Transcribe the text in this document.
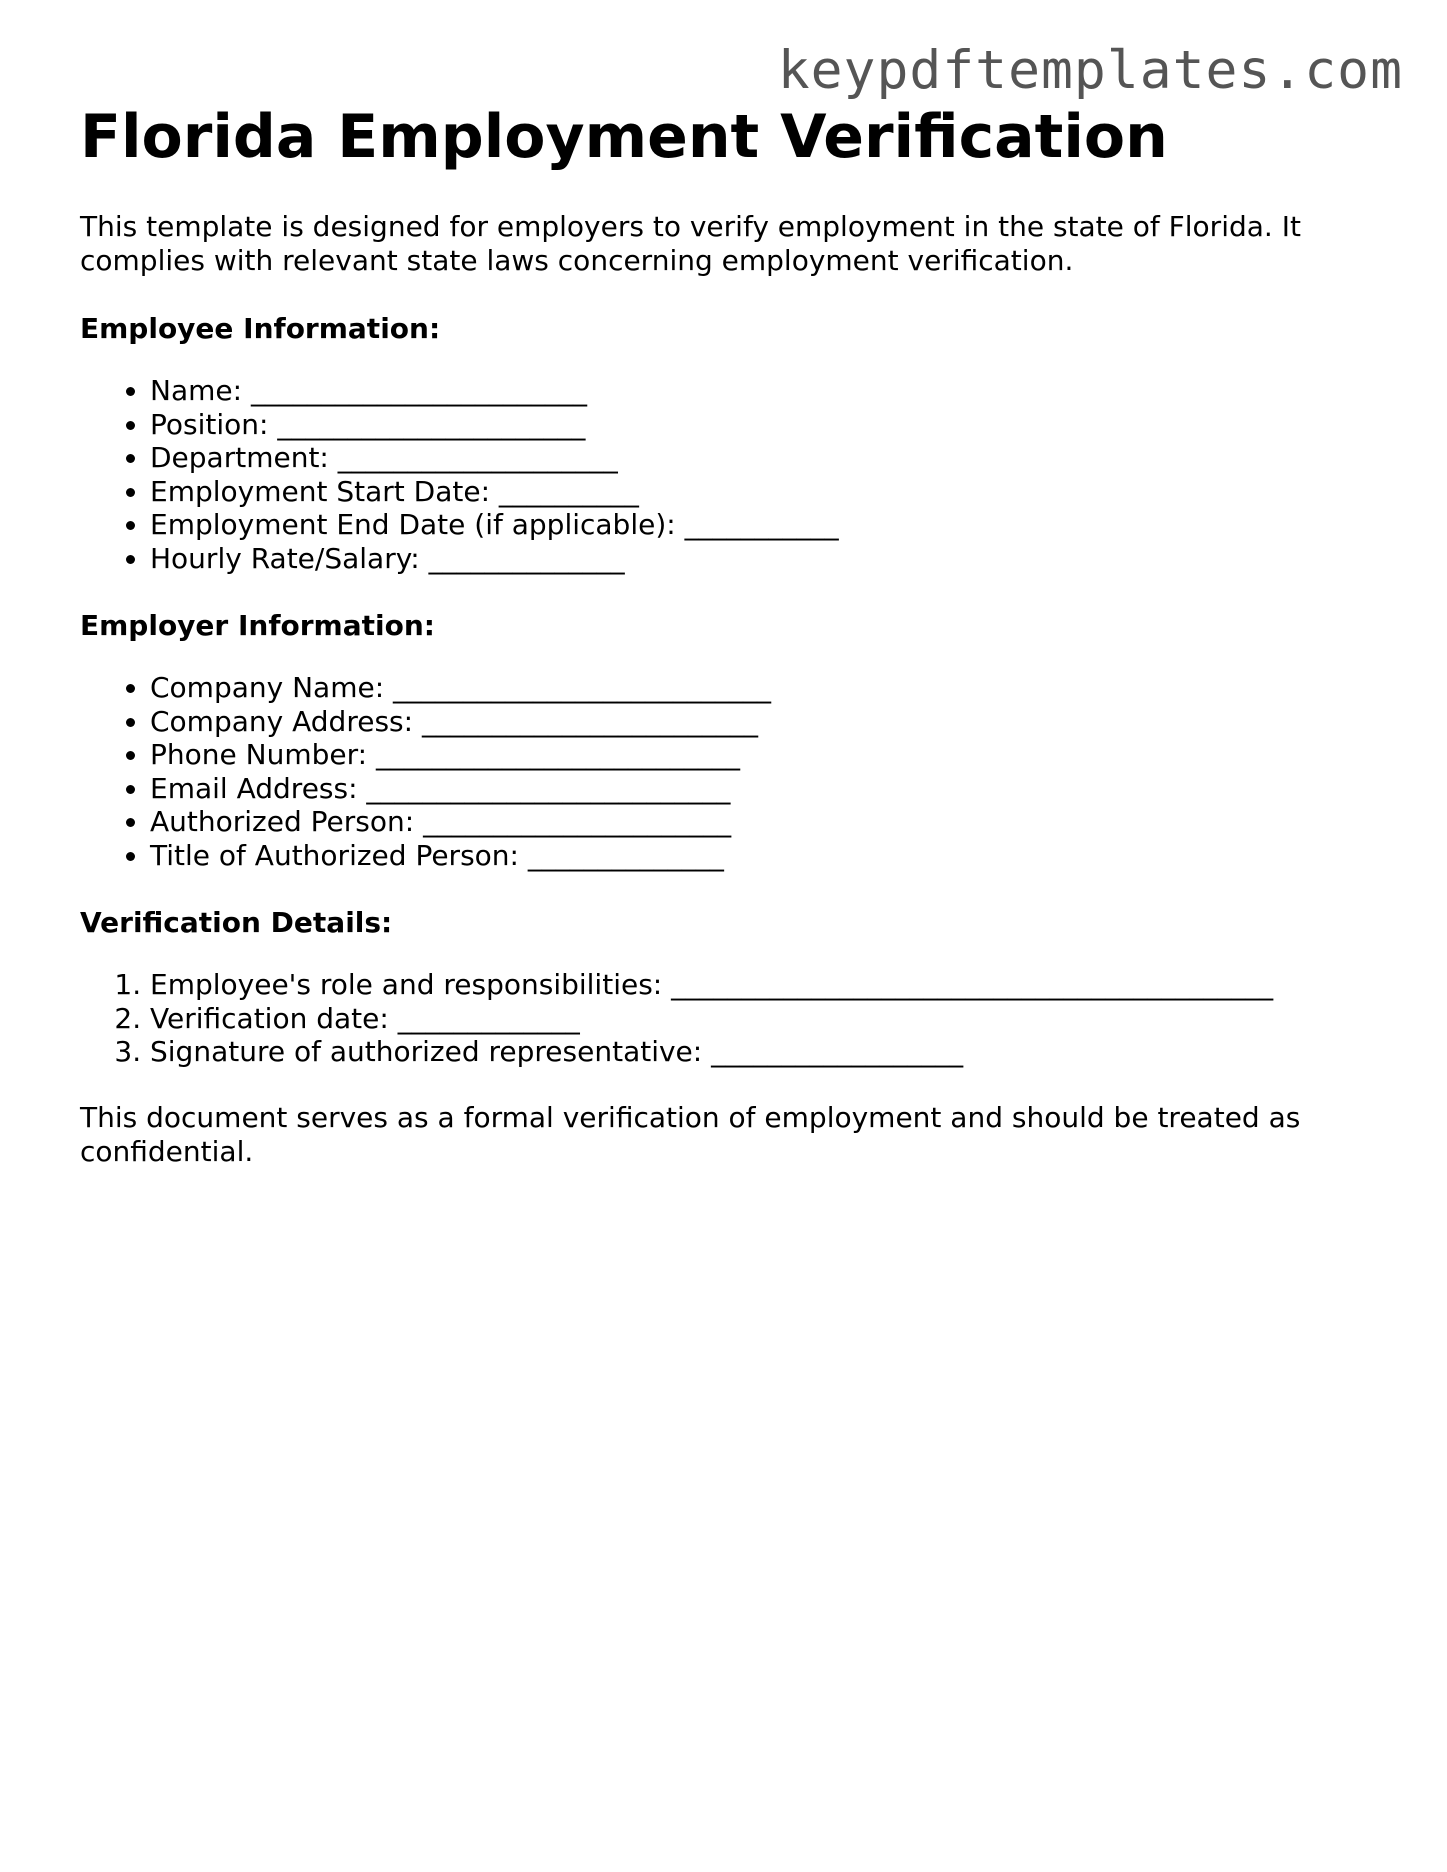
keypdftemplates.com
Florida Employment Verification

This template is designed for employers to verify employment in the state of Florida. It complies with relevant state laws concerning employment verification.

Employee Information:
• Name: ________________________
• Position: ______________________
• Department: ____________________
• Employment Start Date: __________
• Employment End Date (if applicable): ___________
• Hourly Rate/Salary: ______________
Employer Information:
• Company Name: ___________________________
• Company Address: ________________________
• Phone Number: __________________________
• Email Address: __________________________
• Authorized Person: ______________________
• Title of Authorized Person: ______________
Verification Details:
1. Employee's role and responsibilities: ___________________________________________
2. Verification date: _____________
3. Signature of authorized representative: __________________

This document serves as a formal verification of employment and should be treated as confidential.
